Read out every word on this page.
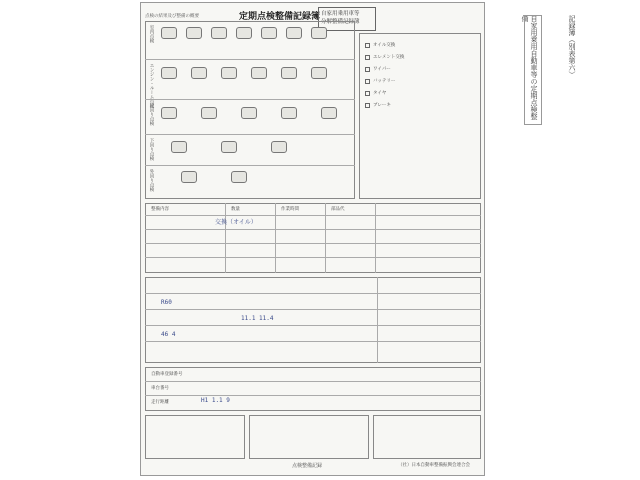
点検の結果及び整備の概要	定期点検整備記録簿 自家用乗用車等
分解整備記録簿
室内点検
エンジン・ルーム点検
足回り点検
下回り点検
外回り点検
オイル交換
エレメント交換
ワイパー
バッテリー
タイヤ
ブレーキ
整備内容	数量	作業時間	部品代
交換（オイル）
R60
11.1 11.4
46 4
自動車登録番号
車台番号
走行距離	H1 1.1 9
自家用乗用自動車等の定期点検整備	記録簿（別表第六）
点検整備記録	（社）日本自動車整備振興会連合会
